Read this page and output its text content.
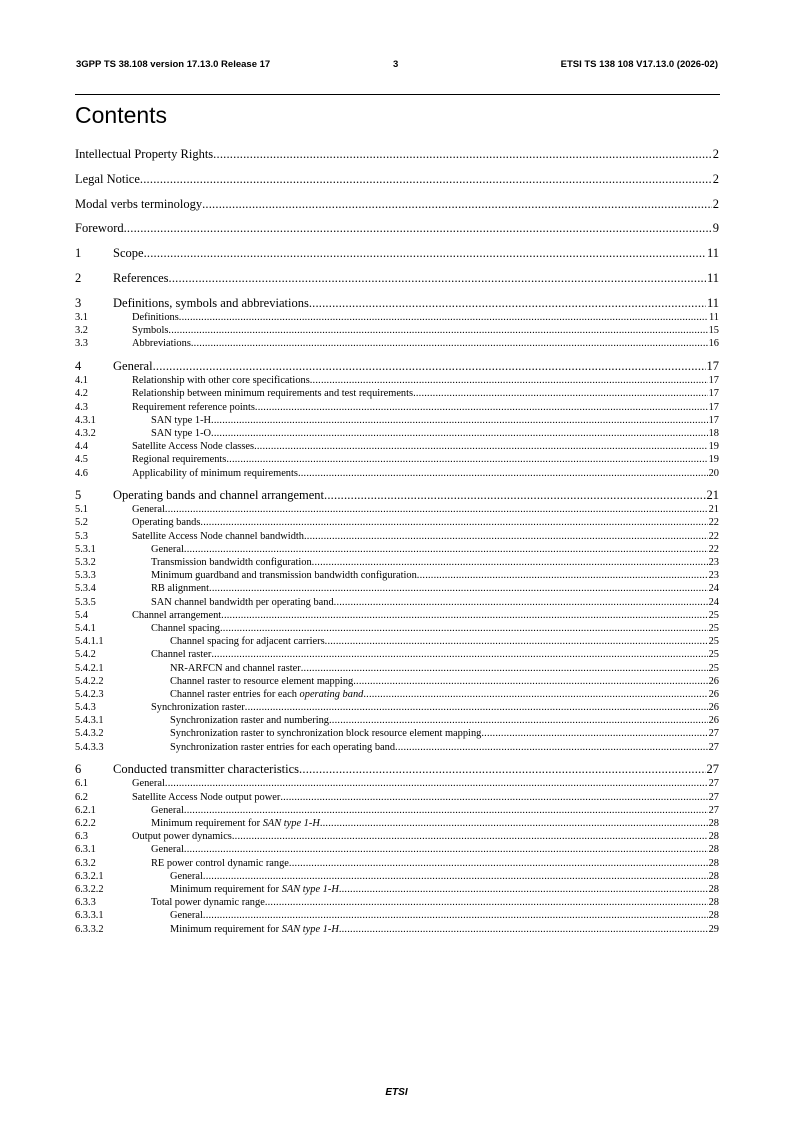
3GPP TS 38.108 version 17.13.0 Release 17	3	ETSI TS 138 108 V17.13.0 (2026-02)
Contents
Intellectual Property Rights .....	2
Legal Notice .....	2
Modal verbs terminology .....	2
Foreword .....	9
1	Scope .....	11
2	References .....	11
3	Definitions, symbols and abbreviations .....	11
3.1	Definitions .....	11
3.2	Symbols .....	15
3.3	Abbreviations .....	16
4	General .....	17
4.1	Relationship with other core specifications .....	17
4.2	Relationship between minimum requirements and test requirements .....	17
4.3	Requirement reference points .....	17
4.3.1	SAN type 1-H .....	17
4.3.2	SAN type 1-O .....	18
4.4	Satellite Access Node classes .....	19
4.5	Regional requirements .....	19
4.6	Applicability of minimum requirements .....	20
5	Operating bands and channel arrangement .....	21
5.1	General .....	21
5.2	Operating bands .....	22
5.3	Satellite Access Node channel bandwidth .....	22
5.3.1	General .....	22
5.3.2	Transmission bandwidth configuration .....	23
5.3.3	Minimum guardband and transmission bandwidth configuration .....	23
5.3.4	RB alignment .....	24
5.3.5	SAN channel bandwidth per operating band .....	24
5.4	Channel arrangement .....	25
5.4.1	Channel spacing .....	25
5.4.1.1	Channel spacing for adjacent carriers .....	25
5.4.2	Channel raster .....	25
5.4.2.1	NR-ARFCN and channel raster .....	25
5.4.2.2	Channel raster to resource element mapping .....	26
5.4.2.3	Channel raster entries for each operating band .....	26
5.4.3	Synchronization raster .....	26
5.4.3.1	Synchronization raster and numbering .....	26
5.4.3.2	Synchronization raster to synchronization block resource element mapping .....	27
5.4.3.3	Synchronization raster entries for each operating band .....	27
6	Conducted transmitter characteristics .....	27
6.1	General .....	27
6.2	Satellite Access Node output power .....	27
6.2.1	General .....	27
6.2.2	Minimum requirement for SAN type 1-H .....	28
6.3	Output power dynamics .....	28
6.3.1	General .....	28
6.3.2	RE power control dynamic range .....	28
6.3.2.1	General .....	28
6.3.2.2	Minimum requirement for SAN type 1-H .....	28
6.3.3	Total power dynamic range .....	28
6.3.3.1	General .....	28
6.3.3.2	Minimum requirement for SAN type 1-H .....	29
ETSI
